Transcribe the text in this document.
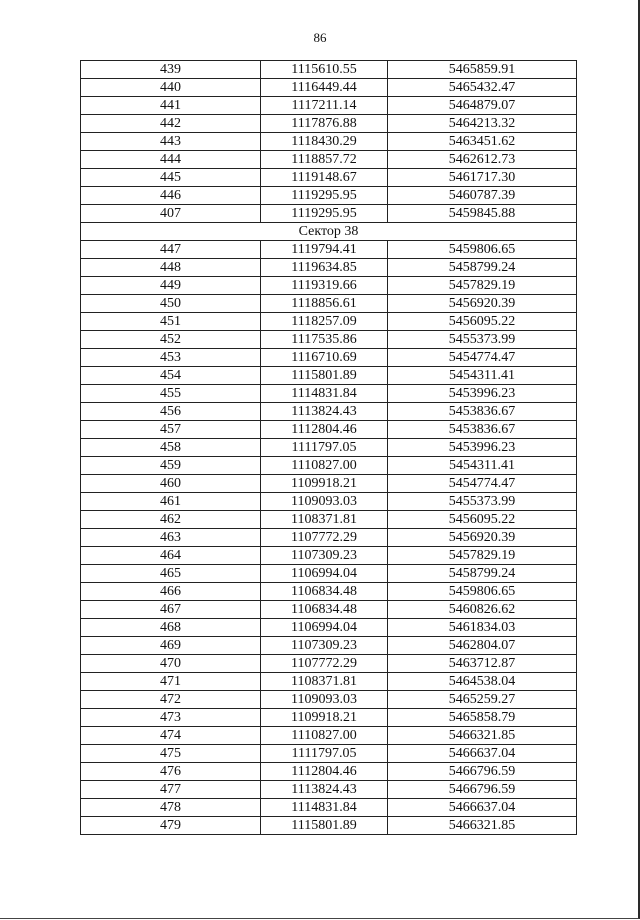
86
439	1115610.55	5465859.91
440	1116449.44	5465432.47
441	1117211.14	5464879.07
442	1117876.88	5464213.32
443	1118430.29	5463451.62
444	1118857.72	5462612.73
445	1119148.67	5461717.30
446	1119295.95	5460787.39
407	1119295.95	5459845.88
Сектор 38		
447	1119794.41	5459806.65
448	1119634.85	5458799.24
449	1119319.66	5457829.19
450	1118856.61	5456920.39
451	1118257.09	5456095.22
452	1117535.86	5455373.99
453	1116710.69	5454774.47
454	1115801.89	5454311.41
455	1114831.84	5453996.23
456	1113824.43	5453836.67
457	1112804.46	5453836.67
458	1111797.05	5453996.23
459	1110827.00	5454311.41
460	1109918.21	5454774.47
461	1109093.03	5455373.99
462	1108371.81	5456095.22
463	1107772.29	5456920.39
464	1107309.23	5457829.19
465	1106994.04	5458799.24
466	1106834.48	5459806.65
467	1106834.48	5460826.62
468	1106994.04	5461834.03
469	1107309.23	5462804.07
470	1107772.29	5463712.87
471	1108371.81	5464538.04
472	1109093.03	5465259.27
473	1109918.21	5465858.79
474	1110827.00	5466321.85
475	1111797.05	5466637.04
476	1112804.46	5466796.59
477	1113824.43	5466796.59
478	1114831.84	5466637.04
479	1115801.89	5466321.85
